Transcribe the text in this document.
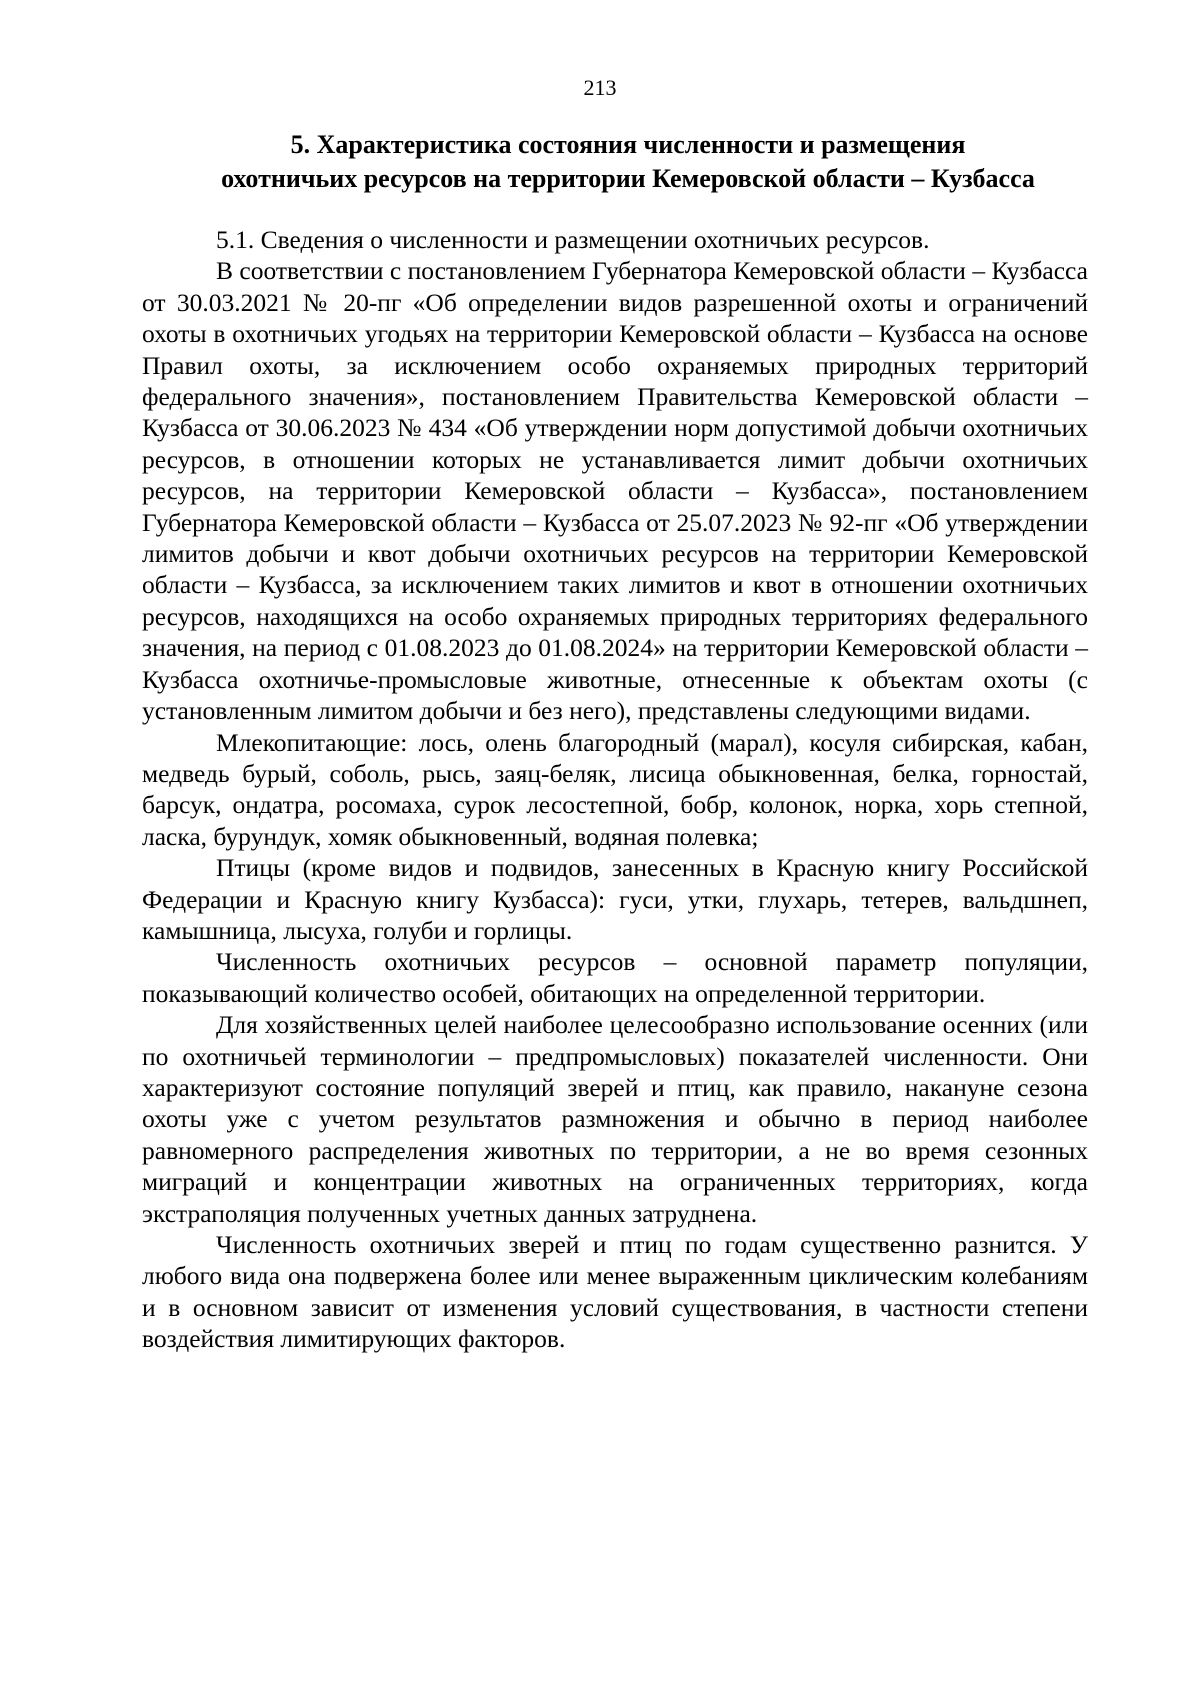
213
5. Характеристика состояния численности и размещения
охотничьих ресурсов на территории Кемеровской области – Кузбасса

5.1. Сведения о численности и размещении охотничьих ресурсов.

В соответствии с постановлением Губернатора Кемеровской области – Кузбасса от 30.03.2021 № 20-пг «Об определении видов разрешенной охоты и ограничений охоты в охотничьих угодьях на территории Кемеровской области – Кузбасса на основе Правил охоты, за исключением особо охраняемых природных территорий федерального значения», постановлением Правительства Кемеровской области – Кузбасса от 30.06.2023 № 434 «Об утверждении норм допустимой добычи охотничьих ресурсов, в отношении которых не устанавливается лимит добычи охотничьих ресурсов, на территории Кемеровской области – Кузбасса», постановлением Губернатора Кемеровской области – Кузбасса от 25.07.2023 № 92-пг «Об утверждении лимитов добычи и квот добычи охотничьих ресурсов на территории Кемеровской области – Кузбасса, за исключением таких лимитов и квот в отношении охотничьих ресурсов, находящихся на особо охраняемых природных территориях федерального значения, на период с 01.08.2023 до 01.08.2024» на территории Кемеровской области – Кузбасса охотничье-промысловые животные, отнесенные к объектам охоты (с установленным лимитом добычи и без него), представлены следующими видами.

Млекопитающие: лось, олень благородный (марал), косуля сибирская, кабан, медведь бурый, соболь, рысь, заяц-беляк, лисица обыкновенная, белка, горностай, барсук, ондатра, росомаха, сурок лесостепной, бобр, колонок, норка, хорь степной, ласка, бурундук, хомяк обыкновенный, водяная полевка;

Птицы (кроме видов и подвидов, занесенных в Красную книгу Российской Федерации и Красную книгу Кузбасса): гуси, утки, глухарь, тетерев, вальдшнеп, камышница, лысуха, голуби и горлицы.

Численность охотничьих ресурсов – основной параметр популяции, показывающий количество особей, обитающих на определенной территории.

Для хозяйственных целей наиболее целесообразно использование осенних (или по охотничьей терминологии – предпромысловых) показателей численности. Они характеризуют состояние популяций зверей и птиц, как правило, накануне сезона охоты уже с учетом результатов размножения и обычно в период наиболее равномерного распределения животных по территории, а не во время сезонных миграций и концентрации животных на ограниченных территориях, когда экстраполяция полученных учетных данных затруднена.

Численность охотничьих зверей и птиц по годам существенно разнится. У любого вида она подвержена более или менее выраженным циклическим колебаниям и в основном зависит от изменения условий существования, в частности степени воздействия лимитирующих факторов.
